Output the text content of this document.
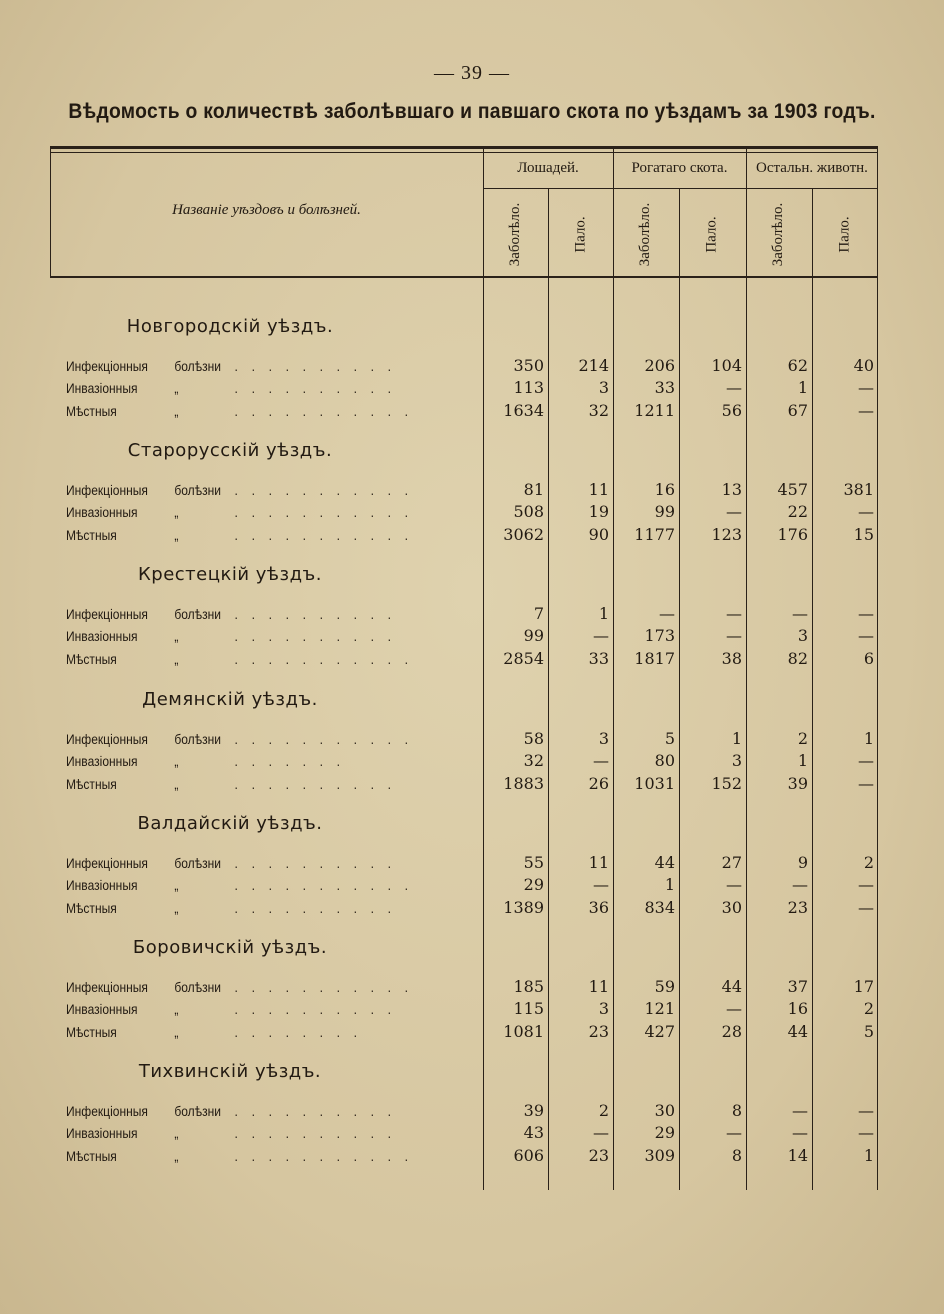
— 39 —
Вѣдомость о количествѣ заболѣвшаго и павшаго скота по уѣздамъ за 1903 годъ.
Названіе уѣздовъ и болѣзней.
Лошадей.	Рогатаго скота.	Остальн. животн.
Заболѣло.	Пало.	Заболѣло.	Пало.	Заболѣло.	Пало.
Новгородскій уѣздъ.
Инфекціонныя болѣзни . . . . . . . . . .	350	214	206	104	62	40
Инвазіонныя	„	. . . . . . . . . .	113	3	33	—	1	—
Мѣстныя	„	. . . . . . . . . . .	1634	32	1211	56	67	—
Старорусскій уѣздъ.
Инфекціонныя болѣзни . . . . . . . . . . .	81	11	16	13	457	381
Инвазіонныя	„	. . . . . . . . . . .	508	19	99	—	22	—
Мѣстныя	„	. . . . . . . . . . .	3062	90	1177	123	176	15
Крестецкій уѣздъ.
Инфекціонныя болѣзни . . . . . . . . . .	7	1	—	—	—	—
Инвазіонныя	„	. . . . . . . . . .	99	—	173	—	3	—
Мѣстныя	„	. . . . . . . . . . .	2854	33	1817	38	82	6
Демянскій уѣздъ.
Инфекціонныя болѣзни . . . . . . . . . . .	58	3	5	1	2	1
Инвазіонныя	„	. . . . . . .	32	—	80	3	1	—
Мѣстныя	„	. . . . . . . . . .	1883	26	1031	152	39	—
Валдайскій уѣздъ.
Инфекціонныя болѣзни . . . . . . . . . .	55	11	44	27	9	2
Инвазіонныя	„	. . . . . . . . . . .	29	—	1	—	—	—
Мѣстныя	„	. . . . . . . . . .	1389	36	834	30	23	—
Боровичскій уѣздъ.
Инфекціонныя болѣзни . . . . . . . . . . .	185	11	59	44	37	17
Инвазіонныя	„	. . . . . . . . . .	115	3	121	—	16	2
Мѣстныя	„	. . . . . . . .	1081	23	427	28	44	5
Тихвинскій уѣздъ.
Инфекціонныя болѣзни . . . . . . . . . .	39	2	30	8	—	—
Инвазіонныя	„	. . . . . . . . . .	43	—	29	—	—	—
Мѣстныя	„	. . . . . . . . . . .	606	23	309	8	14	1
